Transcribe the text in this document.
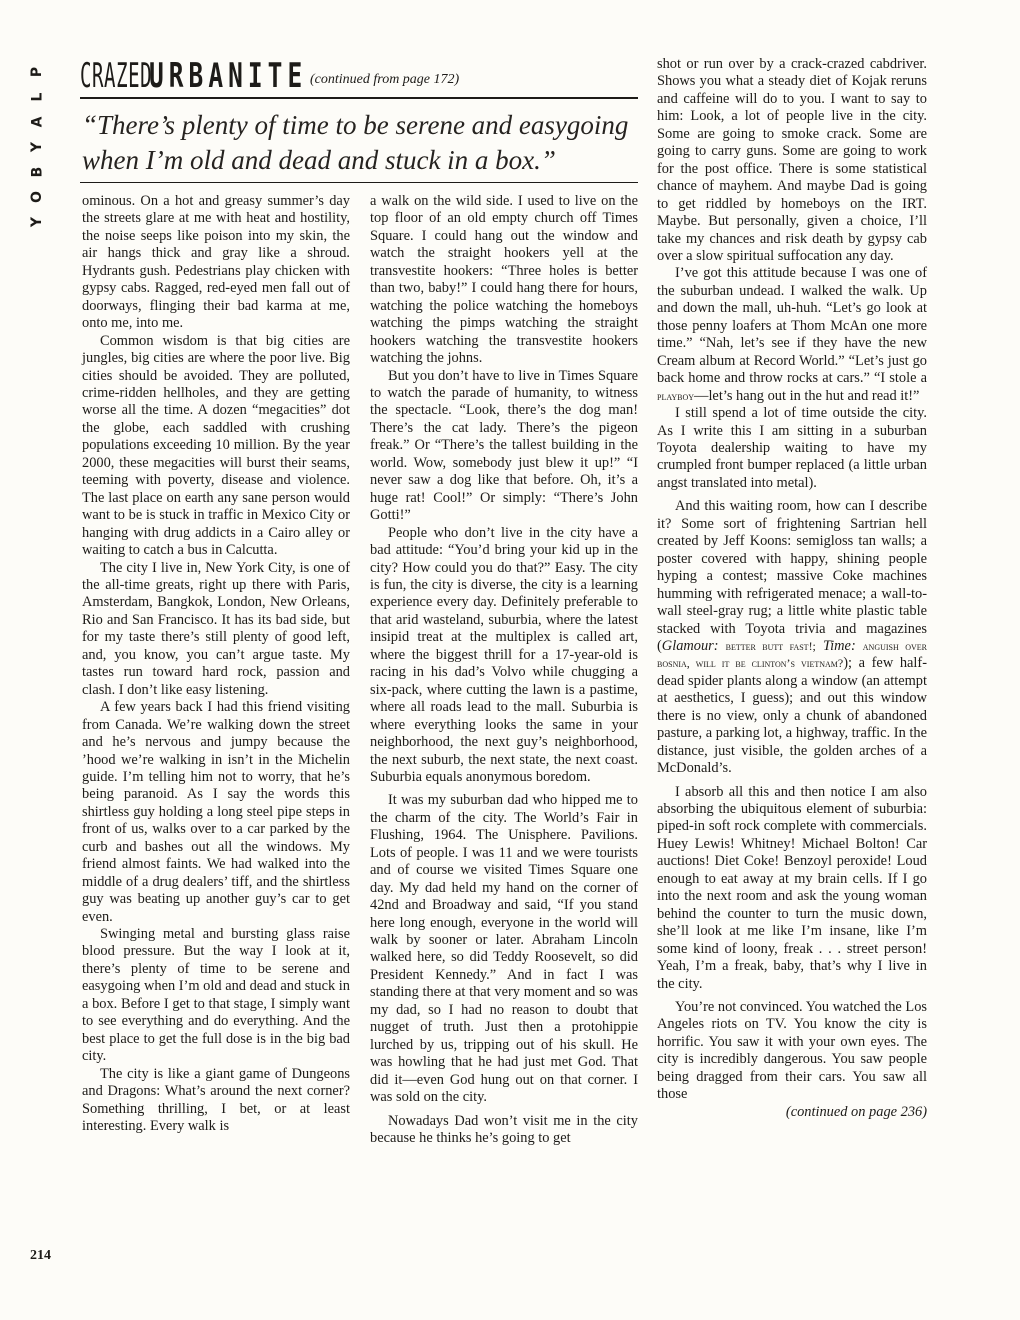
P
L
A
Y
B
O
Y
CRAZEDURBANITE (continued from page 172)
“There’s plenty of time to be serene and easygoing when I’m old and dead and stuck in a box.”

ominous. On a hot and greasy summer’s day the streets glare at me with heat and hostility, the noise seeps like poison into my skin, the air hangs thick and gray like a shroud. Hydrants gush. Pedestrians play chicken with gypsy cabs. Ragged, red-eyed men fall out of doorways, flinging their bad karma at me, onto me, into me.

Common wisdom is that big cities are jungles, big cities are where the poor live. Big cities should be avoided. They are polluted, crime-ridden hellholes, and they are getting worse all the time. A dozen “megacities” dot the globe, each saddled with crushing populations exceeding 10 million. By the year 2000, these megacities will burst their seams, teeming with poverty, disease and violence. The last place on earth any sane person would want to be is stuck in traffic in Mexico City or hanging with drug addicts in a Cairo alley or waiting to catch a bus in Calcutta.

The city I live in, New York City, is one of the all-time greats, right up there with Paris, Amsterdam, Bangkok, London, New Orleans, Rio and San Francisco. It has its bad side, but for my taste there’s still plenty of good left, and, you know, you can’t argue taste. My tastes run toward hard rock, passion and clash. I don’t like easy listening.

A few years back I had this friend visiting from Canada. We’re walking down the street and he’s nervous and jumpy because the ’hood we’re walking in isn’t in the Michelin guide. I’m telling him not to worry, that he’s being paranoid. As I say the words this shirtless guy holding a long steel pipe steps in front of us, walks over to a car parked by the curb and bashes out all the windows. My friend almost faints. We had walked into the middle of a drug dealers’ tiff, and the shirtless guy was beating up another guy’s car to get even.

Swinging metal and bursting glass raise blood pressure. But the way I look at it, there’s plenty of time to be serene and easygoing when I’m old and dead and stuck in a box. Before I get to that stage, I simply want to see everything and do everything. And the best place to get the full dose is in the big bad city.

The city is like a giant game of Dungeons and Dragons: What’s around the next corner? Something thrilling, I bet, or at least interesting. Every walk is

a walk on the wild side. I used to live on the top floor of an old empty church off Times Square. I could hang out the window and watch the straight hookers yell at the transvestite hookers: “Three holes is better than two, baby!” I could hang there for hours, watching the police watching the homeboys watching the pimps watching the straight hookers watching the transvestite hookers watching the johns.

But you don’t have to live in Times Square to watch the parade of humanity, to witness the spectacle. “Look, there’s the dog man! There’s the cat lady. There’s the pigeon freak.” Or “There’s the tallest building in the world. Wow, somebody just blew it up!” “I never saw a dog like that before. Oh, it’s a huge rat! Cool!” Or simply: “There’s John Gotti!”

People who don’t live in the city have a bad attitude: “You’d bring your kid up in the city? How could you do that?” Easy. The city is fun, the city is diverse, the city is a learning experience every day. Definitely preferable to that arid wasteland, suburbia, where the latest insipid treat at the multiplex is called art, where the biggest thrill for a 17-year-old is racing in his dad’s Volvo while chugging a six-pack, where cutting the lawn is a pastime, where all roads lead to the mall. Suburbia is where everything looks the same in your neighborhood, the next guy’s neighborhood, the next suburb, the next state, the next coast. Suburbia equals anonymous boredom.

It was my suburban dad who hipped me to the charm of the city. The World’s Fair in Flushing, 1964. The Unisphere. Pavilions. Lots of people. I was 11 and we were tourists and of course we visited Times Square one day. My dad held my hand on the corner of 42nd and Broadway and said, “If you stand here long enough, everyone in the world will walk by sooner or later. Abraham Lincoln walked here, so did Teddy Roosevelt, so did President Kennedy.” And in fact I was standing there at that very moment and so was my dad, so I had no reason to doubt that nugget of truth. Just then a protohippie lurched by us, tripping out of his skull. He was howling that he had just met God. That did it—even God hung out on that corner. I was sold on the city.

Nowadays Dad won’t visit me in the city because he thinks he’s going to get

shot or run over by a crack-crazed cabdriver. Shows you what a steady diet of Kojak reruns and caffeine will do to you. I want to say to him: Look, a lot of people live in the city. Some are going to smoke crack. Some are going to carry guns. Some are going to work for the post office. There is some statistical chance of mayhem. And maybe Dad is going to get riddled by homeboys on the IRT. Maybe. But personally, given a choice, I’ll take my chances and risk death by gypsy cab over a slow spiritual suffocation any day.

I’ve got this attitude because I was one of the suburban undead. I walked the walk. Up and down the mall, uh-huh. “Let’s go look at those penny loafers at Thom McAn one more time.” “Nah, let’s see if they have the new Cream album at Record World.” “Let’s just go back home and throw rocks at cars.” “I stole a playboy—let’s hang out in the hut and read it!”

I still spend a lot of time outside the city. As I write this I am sitting in a suburban Toyota dealership waiting to have my crumpled front bumper replaced (a little urban angst translated into metal).

And this waiting room, how can I describe it? Some sort of frightening Sartrian hell created by Jeff Koons: semigloss tan walls; a poster covered with happy, shining people hyping a contest; massive Coke machines humming with refrigerated menace; a wall-to-wall steel-gray rug; a little white plastic table stacked with Toyota trivia and magazines (Glamour: better butt fast!; Time: anguish over bosnia, will it be clinton’s vietnam?); a few half-dead spider plants along a window (an attempt at aesthetics, I guess); and out this window there is no view, only a chunk of abandoned pasture, a parking lot, a highway, traffic. In the distance, just visible, the golden arches of a McDonald’s.

I absorb all this and then notice I am also absorbing the ubiquitous element of suburbia: piped-in soft rock complete with commercials. Huey Lewis! Whitney! Michael Bolton! Car auctions! Diet Coke! Benzoyl peroxide! Loud enough to eat away at my brain cells. If I go into the next room and ask the young woman behind the counter to turn the music down, she’ll look at me like I’m insane, like I’m some kind of loony, freak . . . street person! Yeah, I’m a freak, baby, that’s why I live in the city.

You’re not convinced. You watched the Los Angeles riots on TV. You know the city is horrific. You saw it with your own eyes. The city is incredibly dangerous. You saw people being dragged from their cars. You saw all those

(continued on page 236)

214
